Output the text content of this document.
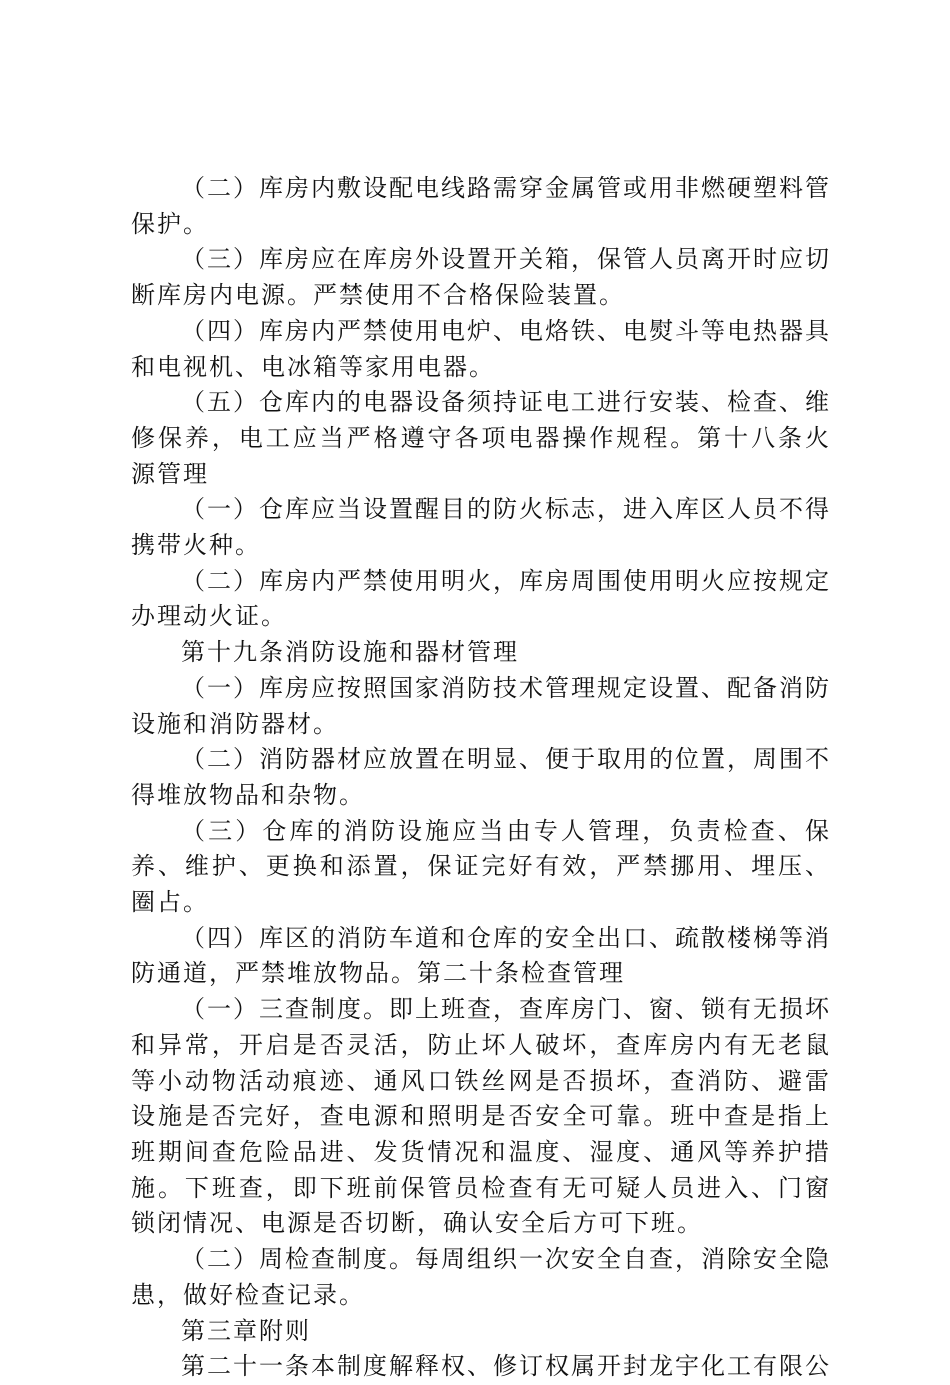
（二）库房内敷设配电线路需穿金属管或用非燃硬塑料管保护。

（三）库房应在库房外设置开关箱，保管人员离开时应切断库房内电源。严禁使用不合格保险装置。

（四）库房内严禁使用电炉、电烙铁、电熨斗等电热器具和电视机、电冰箱等家用电器。

（五）仓库内的电器设备须持证电工进行安装、检查、维修保养，电工应当严格遵守各项电器操作规程。第十八条火源管理

（一）仓库应当设置醒目的防火标志，进入库区人员不得携带火种。

（二）库房内严禁使用明火，库房周围使用明火应按规定办理动火证。

第十九条消防设施和器材管理

（一）库房应按照国家消防技术管理规定设置、配备消防设施和消防器材。

（二）消防器材应放置在明显、便于取用的位置，周围不得堆放物品和杂物。

（三）仓库的消防设施应当由专人管理，负责检查、保养、维护、更换和添置，保证完好有效，严禁挪用、埋压、圈占。

（四）库区的消防车道和仓库的安全出口、疏散楼梯等消防通道，严禁堆放物品。第二十条检查管理

（一）三查制度。即上班查，查库房门、窗、锁有无损坏和异常，开启是否灵活，防止坏人破坏，查库房内有无老鼠等小动物活动痕迹、通风口铁丝网是否损坏，查消防、避雷设施是否完好，查电源和照明是否安全可靠。班中查是指上班期间查危险品进、发货情况和温度、湿度、通风等养护措施。下班查，即下班前保管员检查有无可疑人员进入、门窗锁闭情况、电源是否切断，确认安全后方可下班。

（二）周检查制度。每周组织一次安全自查，消除安全隐患，做好检查记录。

第三章附则

第二十一条本制度解释权、修订权属开封龙宇化工有限公
